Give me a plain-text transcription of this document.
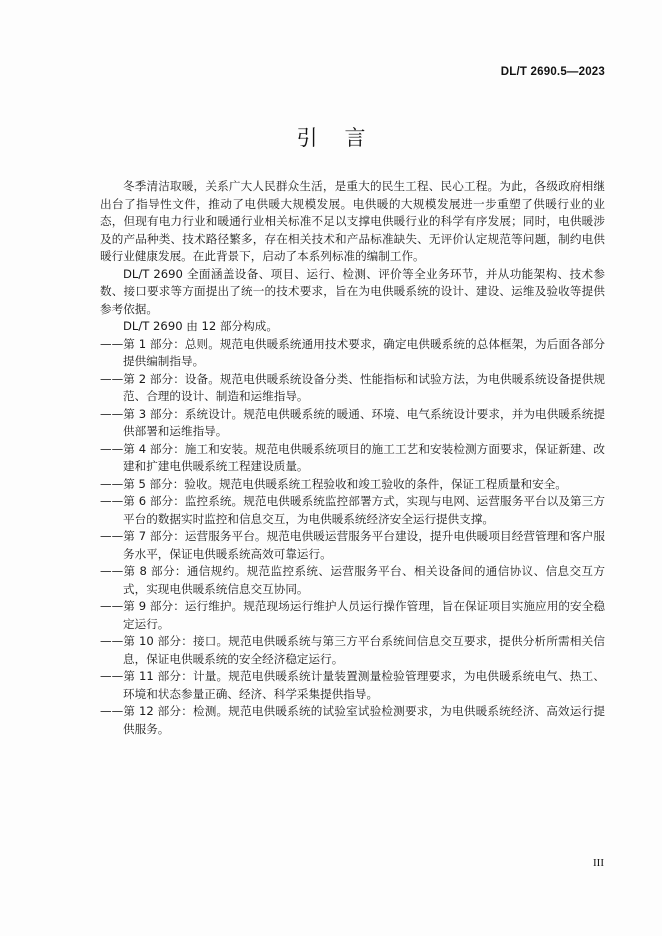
DL/T 2690.5—2023
引言

冬季清洁取暖，关系广大人民群众生活，是重大的民生工程、民心工程。为此，各级政府相继出台了指导性文件，推动了电供暖大规模发展。电供暖的大规模发展进一步重塑了供暖行业的业态，但现有电力行业和暖通行业相关标准不足以支撑电供暖行业的科学有序发展；同时，电供暖涉及的产品种类、技术路径繁多，存在相关技术和产品标准缺失、无评价认定规范等问题，制约电供暖行业健康发展。在此背景下，启动了本系列标准的编制工作。

DL/T 2690 全面涵盖设备、项目、运行、检测、评价等全业务环节，并从功能架构、技术参数、接口要求等方面提出了统一的技术要求，旨在为电供暖系统的设计、建设、运维及验收等提供参考依据。

DL/T 2690 由 12 部分构成。

——第 1 部分：总则。规范电供暖系统通用技术要求，确定电供暖系统的总体框架，为后面各部分提供编制指导。

——第 2 部分：设备。规范电供暖系统设备分类、性能指标和试验方法，为电供暖系统设备提供规范、合理的设计、制造和运维指导。

——第 3 部分：系统设计。规范电供暖系统的暖通、环境、电气系统设计要求，并为电供暖系统提供部署和运维指导。

——第 4 部分：施工和安装。规范电供暖系统项目的施工工艺和安装检测方面要求，保证新建、改建和扩建电供暖系统工程建设质量。

——第 5 部分：验收。规范电供暖系统工程验收和竣工验收的条件，保证工程质量和安全。

——第 6 部分：监控系统。规范电供暖系统监控部署方式，实现与电网、运营服务平台以及第三方平台的数据实时监控和信息交互，为电供暖系统经济安全运行提供支撑。

——第 7 部分：运营服务平台。规范电供暖运营服务平台建设，提升电供暖项目经营管理和客户服务水平，保证电供暖系统高效可靠运行。

——第 8 部分：通信规约。规范监控系统、运营服务平台、相关设备间的通信协议、信息交互方式，实现电供暖系统信息交互协同。

——第 9 部分：运行维护。规范现场运行维护人员运行操作管理，旨在保证项目实施应用的安全稳定运行。

——第 10 部分：接口。规范电供暖系统与第三方平台系统间信息交互要求，提供分析所需相关信息，保证电供暖系统的安全经济稳定运行。

——第 11 部分：计量。规范电供暖系统计量装置测量检验管理要求，为电供暖系统电气、热工、环境和状态参量正确、经济、科学采集提供指导。

——第 12 部分：检测。规范电供暖系统的试验室试验检测要求，为电供暖系统经济、高效运行提供服务。

III
